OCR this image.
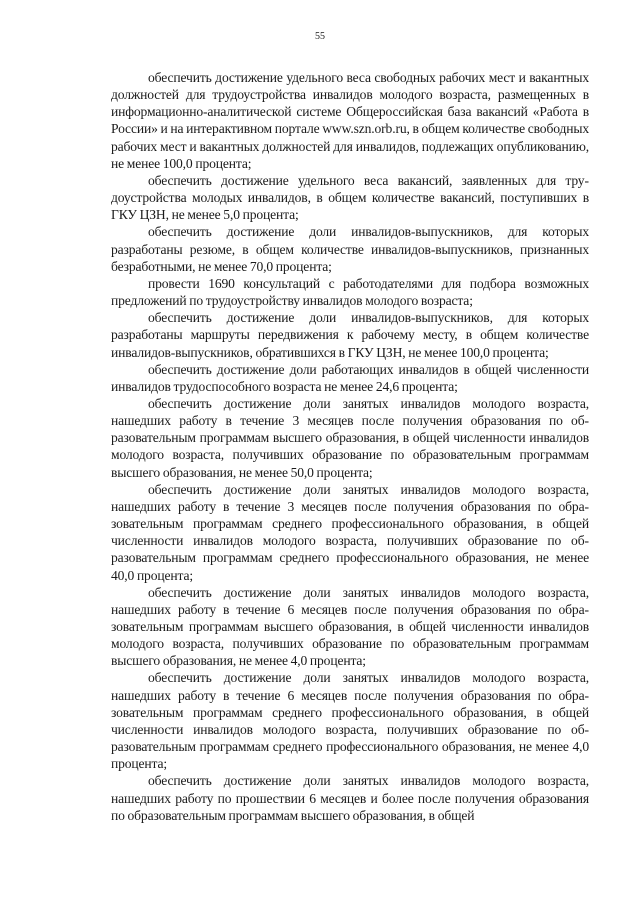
55

обеспечить достижение удельного веса свободных рабочих мест и вакантных должностей для трудоустройства инвалидов молодого возраста, размещенных в информационно-аналитической системе Общероссийская база вакансий «Работа в России» и на интерактивном портале www.szn.orb.ru, в общем количестве свободных рабочих мест и вакантных должностей для инвалидов, подлежащих опубликованию, не менее 100,0 процента;

обеспечить достижение удельного веса вакансий, заявленных для трудоустройства молодых инвалидов, в общем количестве вакансий, поступивших в ГКУ ЦЗН, не менее 5,0 процента;

обеспечить достижение доли инвалидов-выпускников, для которых разработаны резюме, в общем количестве инвалидов-выпускников, признанных безработными, не менее 70,0 процента;

провести 1690 консультаций с работодателями для подбора возможных предложений по трудоустройству инвалидов молодого возраста;

обеспечить достижение доли инвалидов-выпускников, для которых разработаны маршруты передвижения к рабочему месту, в общем количестве инвалидов-выпускников, обратившихся в ГКУ ЦЗН, не менее 100,0 процента;

обеспечить достижение доли работающих инвалидов в общей численности инвалидов трудоспособного возраста не менее 24,6 процента;

обеспечить достижение доли занятых инвалидов молодого возраста, нашедших работу в течение 3 месяцев после получения образования по образовательным программам высшего образования, в общей численности инвалидов молодого возраста, получивших образование по образовательным программам высшего образования, не менее 50,0 процента;

обеспечить достижение доли занятых инвалидов молодого возраста, нашедших работу в течение 3 месяцев после получения образования по образовательным программам среднего профессионального образования, в общей численности инвалидов молодого возраста, получивших образование по образовательным программам среднего профессионального образования, не менее 40,0 процента;

обеспечить достижение доли занятых инвалидов молодого возраста, нашедших работу в течение 6 месяцев после получения образования по образовательным программам высшего образования, в общей численности инвалидов молодого возраста, получивших образование по образовательным программам высшего образования, не менее 4,0 процента;

обеспечить достижение доли занятых инвалидов молодого возраста, нашедших работу в течение 6 месяцев после получения образования по образовательным программам среднего профессионального образования, в общей численности инвалидов молодого возраста, получивших образование по образовательным программам среднего профессионального образования, не менее 4,0 процента;

обеспечить достижение доли занятых инвалидов молодого возраста, нашедших работу по прошествии 6 месяцев и более после получения образования по образовательным программам высшего образования, в общей
